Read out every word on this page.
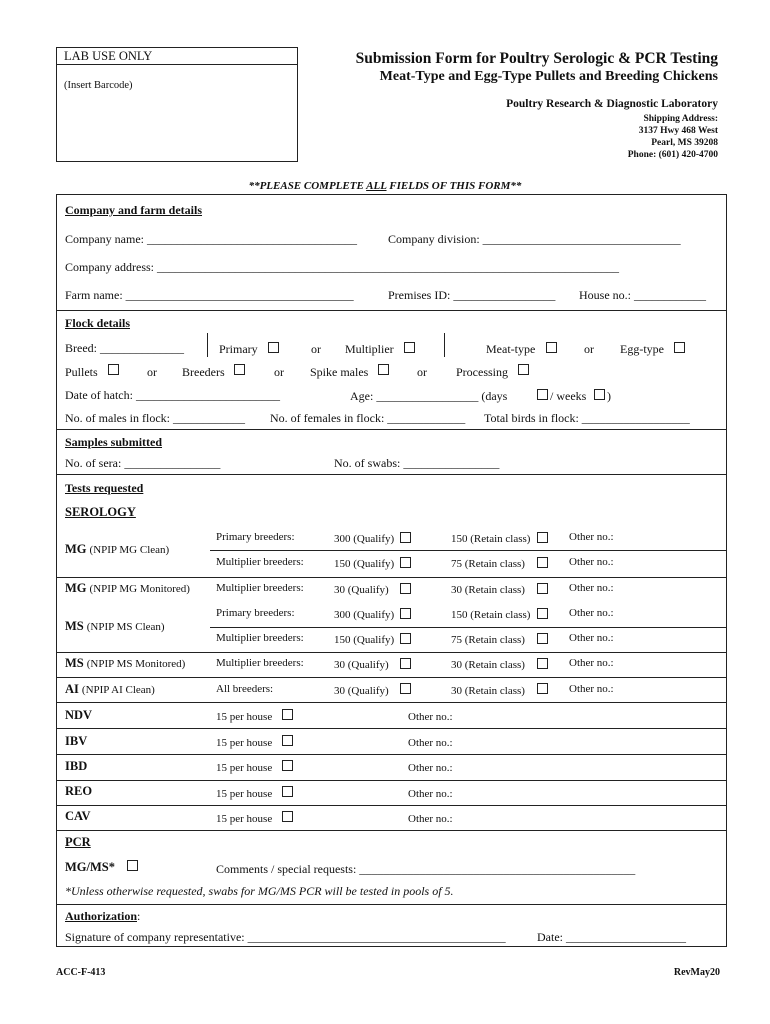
LAB USE ONLY
(Insert Barcode)
Submission Form for Poultry Serologic & PCR Testing
Meat-Type and Egg-Type Pullets and Breeding Chickens
Poultry Research & Diagnostic Laboratory
Shipping Address:
3137 Hwy 468 West
Pearl, MS 39208
Phone: (601) 420-4700
**PLEASE COMPLETE ALL FIELDS OF THIS FORM**
Company and farm details
Company name: ___________________________________	Company division: _________________________________
Company address: _____________________________________________________________________________
Farm name: ______________________________________	Premises ID: _________________ House no.: ____________
Flock details
Breed: ______________	Primary	or Multiplier	Meat-type	or Egg-type
Pullets	or Breeders	or Spike males	or Processing
Date of hatch: ________________________	Age: _________________ (days	/ weeks )
No. of males in flock: ____________ No. of females in flock: _____________ Total birds in flock: __________________
Samples submitted
No. of sera: ________________	No. of swabs: ________________
Tests requested
SEROLOGY
MG (NPIP MG Clean)
Primary breeders:	300 (Qualify)	150 (Retain class)	Other no.:
Multiplier breeders:	150 (Qualify)	75 (Retain class)	Other no.:
MG (NPIP MG Monitored) Multiplier breeders:	30 (Qualify)	30 (Retain class)	Other no.:
MS (NPIP MS Clean)
Primary breeders:	300 (Qualify)	150 (Retain class)	Other no.:
Multiplier breeders:	150 (Qualify)	75 (Retain class)	Other no.:
MS (NPIP MS Monitored)	Multiplier breeders:	30 (Qualify)	30 (Retain class)	Other no.:
AI (NPIP AI Clean)	All breeders:	30 (Qualify)	30 (Retain class)	Other no.:
NDV	15 per house	Other no.:
IBV	15 per house	Other no.:
IBD	15 per house	Other no.:
REO	15 per house	Other no.:
CAV	15 per house	Other no.:
PCR
MG/MS*	Comments / special requests: ______________________________________________
*Unless otherwise requested, swabs for MG/MS PCR will be tested in pools of 5.
Authorization:
Signature of company representative: ___________________________________________	Date: ____________________
ACC-F-413	RevMay20
